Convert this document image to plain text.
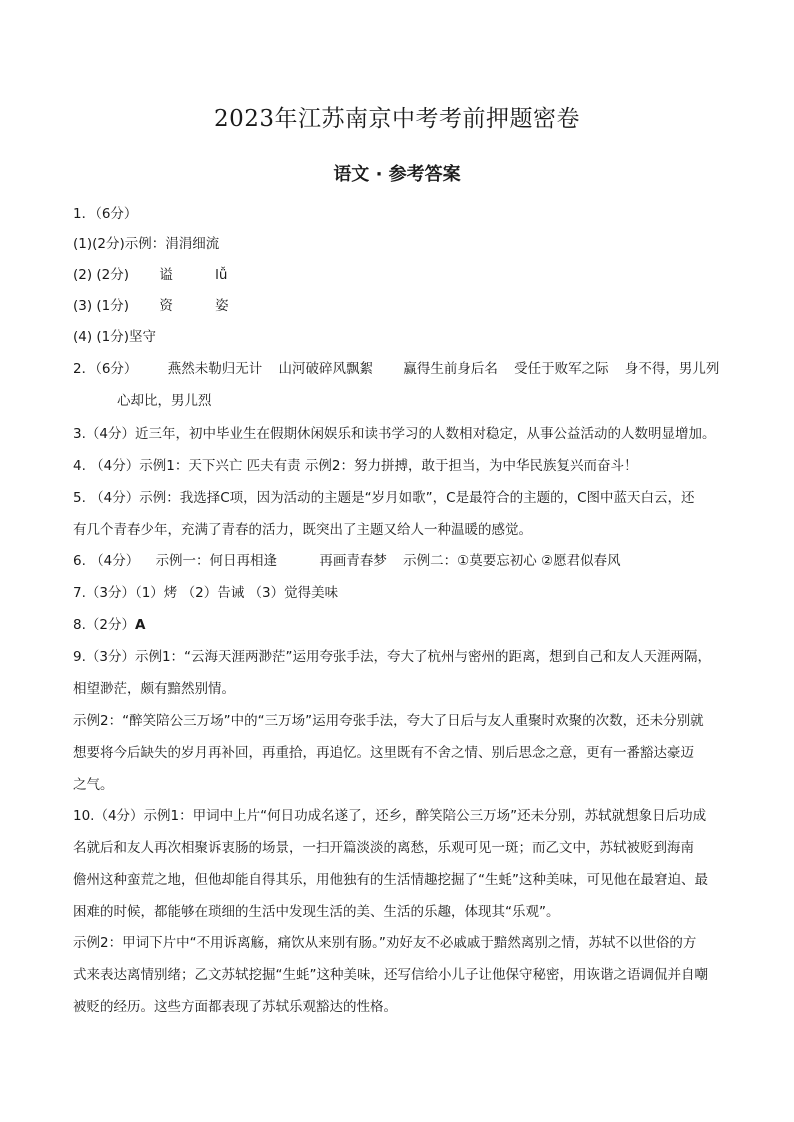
2023年江苏南京中考考前押题密卷
语文 · 参考答案
1．（6分）
(1)(2分)示例：涓涓细流
(2) (2分) 谥	lǚ
(3) (1分) 资	姿
(4) (1分)坚守
2．（6分） 燕然未勒归无计 山河破碎风飘絮 赢得生前身后名 受任于败军之际 身不得，男儿列
心却比，男儿烈
3.（4分）近三年，初中毕业生在假期休闲娱乐和读书学习的人数相对稳定，从事公益活动的人数明显增加。
4. （4分）示例1：天下兴亡 匹夫有责 示例2：努力拼搏，敢于担当，为中华民族复兴而奋斗！
5. （4分）示例：我选择C项，因为活动的主题是“岁月如歌”，C是最符合的主题的，C图中蓝天白云，还
有几个青春少年，充满了青春的活力，既突出了主题又给人一种温暖的感觉。
6. （4分） 示例一：何日再相逢	再画青春梦 示例二：①莫要忘初心 ②愿君似春风
7.（3分）（1）烤 （2）告诫 （3）觉得美味
8.（2分）A
9.（3分）示例1：“云海天涯两渺茫”运用夸张手法，夸大了杭州与密州的距离，想到自己和友人天涯两隔，
相望渺茫，颇有黯然别情。
示例2：“醉笑陪公三万场”中的“三万场”运用夸张手法，夸大了日后与友人重聚时欢聚的次数，还未分别就
想要将今后缺失的岁月再补回，再重拾，再追忆。这里既有不舍之情、别后思念之意，更有一番豁达豪迈
之气。
10.（4分）示例1：甲词中上片“何日功成名遂了，还乡，醉笑陪公三万场”还未分别，苏轼就想象日后功成
名就后和友人再次相聚诉衷肠的场景，一扫开篇淡淡的离愁，乐观可见一斑；而乙文中，苏轼被贬到海南
儋州这种蛮荒之地，但他却能自得其乐，用他独有的生活情趣挖掘了“生蚝”这种美味，可见他在最窘迫、最
困难的时候，都能够在琐细的生活中发现生活的美、生活的乐趣，体现其“乐观”。
示例2：甲词下片中“不用诉离觞，痛饮从来别有肠。”劝好友不必戚戚于黯然离别之情，苏轼不以世俗的方
式来表达离情别绪；乙文苏轼挖掘“生蚝”这种美味，还写信给小儿子让他保守秘密，用诙谐之语调侃并自嘲
被贬的经历。这些方面都表现了苏轼乐观豁达的性格。
